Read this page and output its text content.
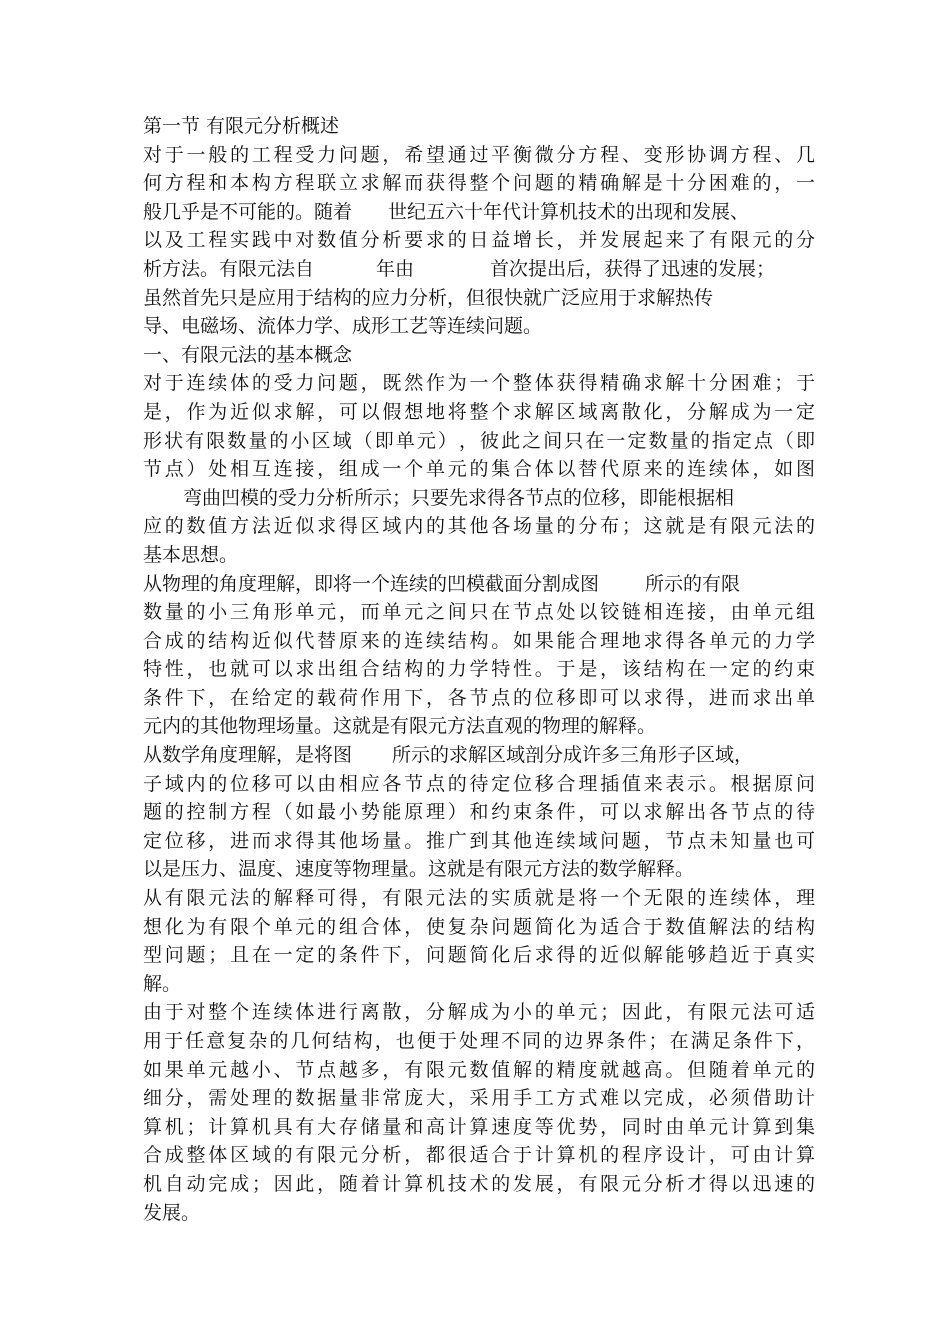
第一节 有限元分析概述
对 于 一 般 的 工 程 受 力 问 题 ， 希 望 通 过 平 衡 微 分 方 程 、 变 形 协 调 方 程 、 几
何 方 程 和 本 构 方 程 联 立 求 解 而 获 得 整 个 问 题 的 精 确 解 是 十 分 困 难 的 ， 一
般几乎是不可能的。随着 世纪五六十年代计算机技术的出现和发展、
以 及 工 程 实 践 中 对 数 值 分 析 要 求 的 日 益 增 长 ， 并 发 展 起 来 了 有 限 元 的 分
析方法。有限元法自	年由	首次提出后，获得了迅速的发展；
虽然首先只是应用于结构的应力分析，但很快就广泛应用于求解热传
导、电磁场、流体力学、成形工艺等连续问题。
一、有限元法的基本概念
对 于 连 续 体 的 受 力 问 题 ， 既 然 作 为 一 个 整 体 获 得 精 确 求 解 十 分 困 难 ； 于
是 ， 作 为 近 似 求 解 ， 可 以 假 想 地 将 整 个 求 解 区 域 离 散 化 ， 分 解 成 为 一 定
形 状 有 限 数 量 的 小 区 域 （ 即 单 元 ） ， 彼 此 之 间 只 在 一 定 数 量 的 指 定 点 （ 即
节 点 ） 处 相 互 连 接 ， 组 成 一 个 单 元 的 集 合 体 以 替 代 原 来 的 连 续 体 ， 如 图
弯曲凹模的受力分析所示；只要先求得各节点的位移，即能根据相
应 的 数 值 方 法 近 似 求 得 区 域 内 的 其 他 各 场 量 的 分 布 ； 这 就 是 有 限 元 法 的
基本思想。
从物理的角度理解，即将一个连续的凹模截面分割成图 所示的有限
数 量 的 小 三 角 形 单 元 ， 而 单 元 之 间 只 在 节 点 处 以 铰 链 相 连 接 ， 由 单 元 组
合 成 的 结 构 近 似 代 替 原 来 的 连 续 结 构 。 如 果 能 合 理 地 求 得 各 单 元 的 力 学
特 性 ， 也 就 可 以 求 出 组 合 结 构 的 力 学 特 性 。 于 是 ， 该 结 构 在 一 定 的 约 束
条 件 下 ， 在 给 定 的 载 荷 作 用 下 ， 各 节 点 的 位 移 即 可 以 求 得 ， 进 而 求 出 单
元内的其他物理场量。这就是有限元方法直观的物理的解释。
从数学角度理解，是将图 所示的求解区域剖分成许多三角形子区域，
子 域 内 的 位 移 可 以 由 相 应 各 节 点 的 待 定 位 移 合 理 插 值 来 表 示 。 根 据 原 问
题 的 控 制 方 程 （ 如 最 小 势 能 原 理 ） 和 约 束 条 件 ， 可 以 求 解 出 各 节 点 的 待
定 位 移 ， 进 而 求 得 其 他 场 量 。 推 广 到 其 他 连 续 域 问 题 ， 节 点 未 知 量 也 可
以是压力、温度、速度等物理量。这就是有限元方法的数学解释。
从 有 限 元 法 的 解 释 可 得 ， 有 限 元 法 的 实 质 就 是 将 一 个 无 限 的 连 续 体 ， 理
想 化 为 有 限 个 单 元 的 组 合 体 ， 使 复 杂 问 题 简 化 为 适 合 于 数 值 解 法 的 结 构
型 问 题 ； 且 在 一 定 的 条 件 下 ， 问 题 简 化 后 求 得 的 近 似 解 能 够 趋 近 于 真 实
解。
由 于 对 整 个 连 续 体 进 行 离 散 ， 分 解 成 为 小 的 单 元 ； 因 此 ， 有 限 元 法 可 适
用 于 任 意 复 杂 的 几 何 结 构 ， 也 便 于 处 理 不 同 的 边 界 条 件 ； 在 满 足 条 件 下 ，
如 果 单 元 越 小 、 节 点 越 多 ， 有 限 元 数 值 解 的 精 度 就 越 高 。 但 随 着 单 元 的
细 分 ， 需 处 理 的 数 据 量 非 常 庞 大 ， 采 用 手 工 方 式 难 以 完 成 ， 必 须 借 助 计
算 机 ； 计 算 机 具 有 大 存 储 量 和 高 计 算 速 度 等 优 势 ， 同 时 由 单 元 计 算 到 集
合 成 整 体 区 域 的 有 限 元 分 析 ， 都 很 适 合 于 计 算 机 的 程 序 设 计 ， 可 由 计 算
机 自 动 完 成 ； 因 此 ， 随 着 计 算 机 技 术 的 发 展 ， 有 限 元 分 析 才 得 以 迅 速 的
发展。
